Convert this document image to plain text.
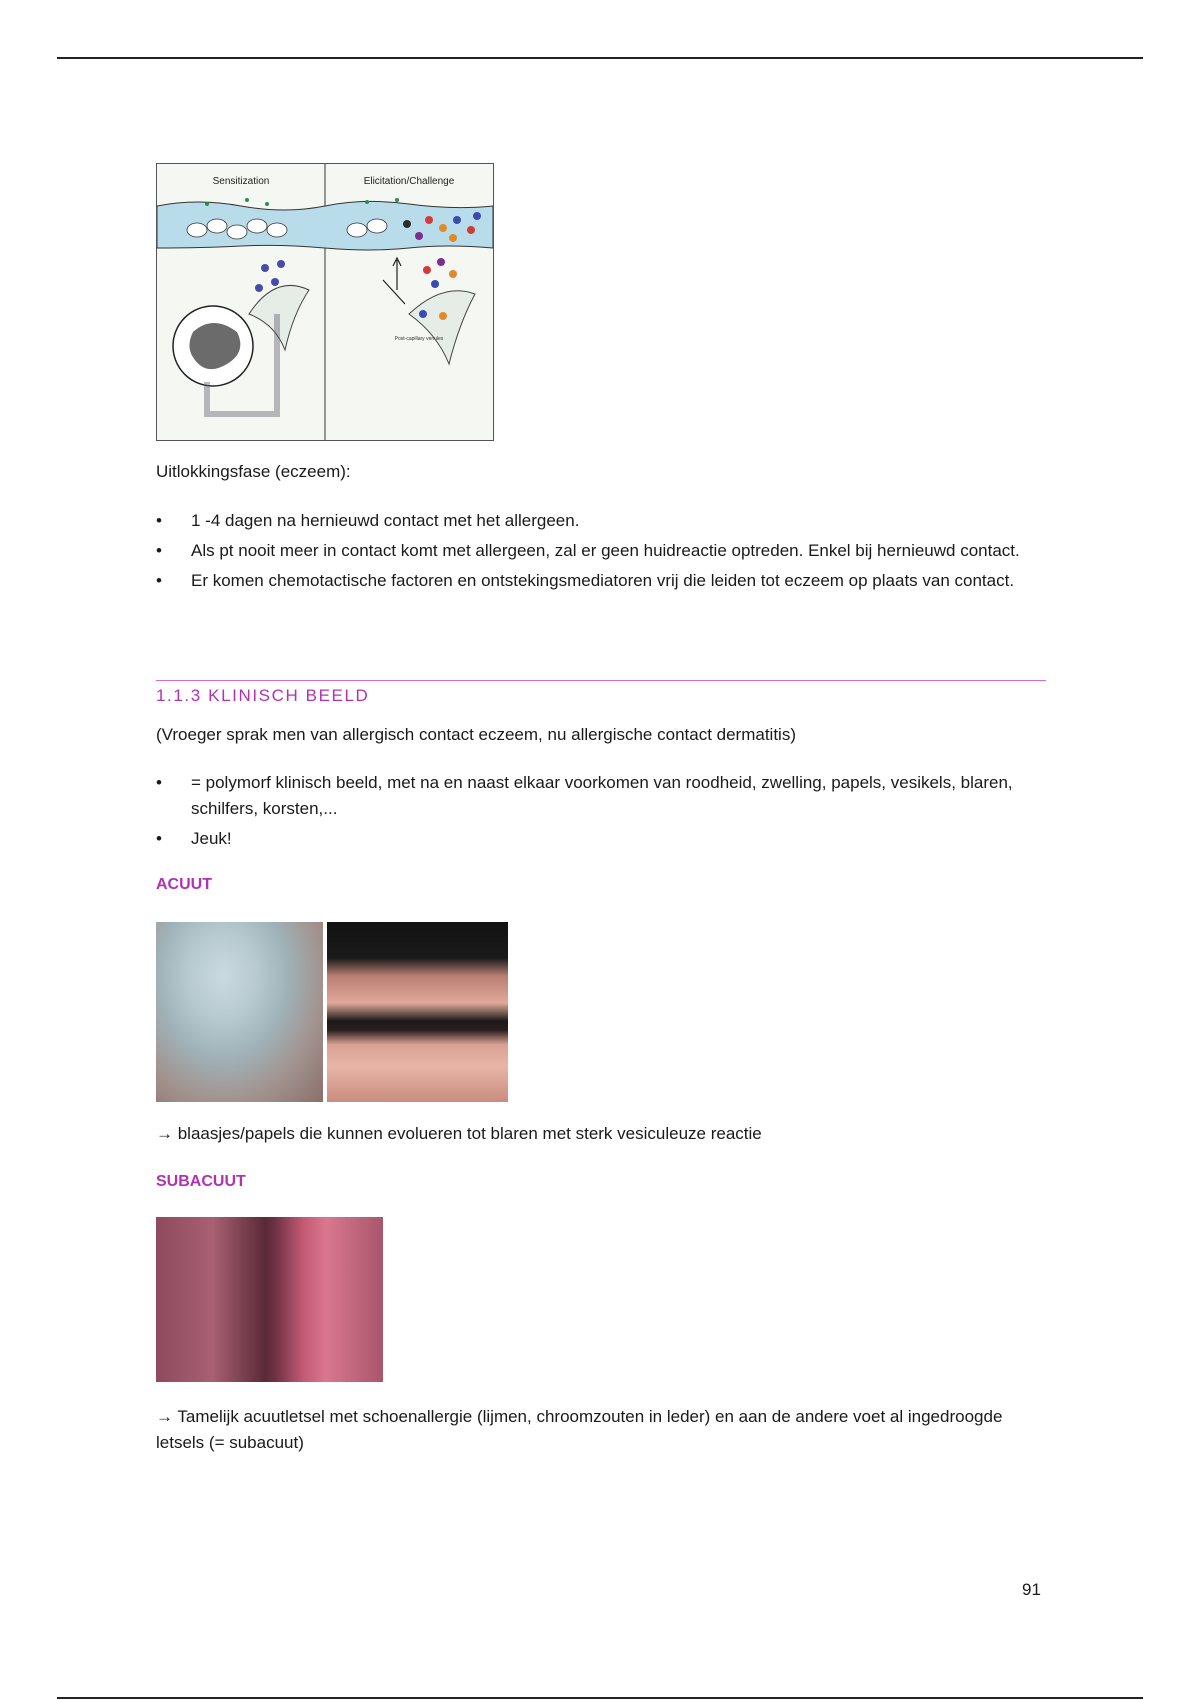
Sensitization	Elicitation/Challenge
Post-capillary venules
Uitlokkingsfase (eczeem):
• 1 -4 dagen na hernieuwd contact met het allergeen.
• Als pt nooit meer in contact komt met allergeen, zal er geen huidreactie optreden. Enkel bij hernieuwd contact.
• Er komen chemotactische factoren en ontstekingsmediatoren vrij die leiden tot eczeem op plaats van contact.
1.1.3 KLINISCH BEELD
(Vroeger sprak men van allergisch contact eczeem, nu allergische contact dermatitis)
• = polymorf klinisch beeld, met na en naast elkaar voorkomen van roodheid, zwelling, papels, vesikels, blaren, schilfers, korsten,...
• Jeuk!
ACUUT
→ blaasjes/papels die kunnen evolueren tot blaren met sterk vesiculeuze reactie
SUBACUUT
→ Tamelijk acuutletsel met schoenallergie (lijmen, chroomzouten in leder) en aan de andere voet al ingedroogde letsels (= subacuut)
91
